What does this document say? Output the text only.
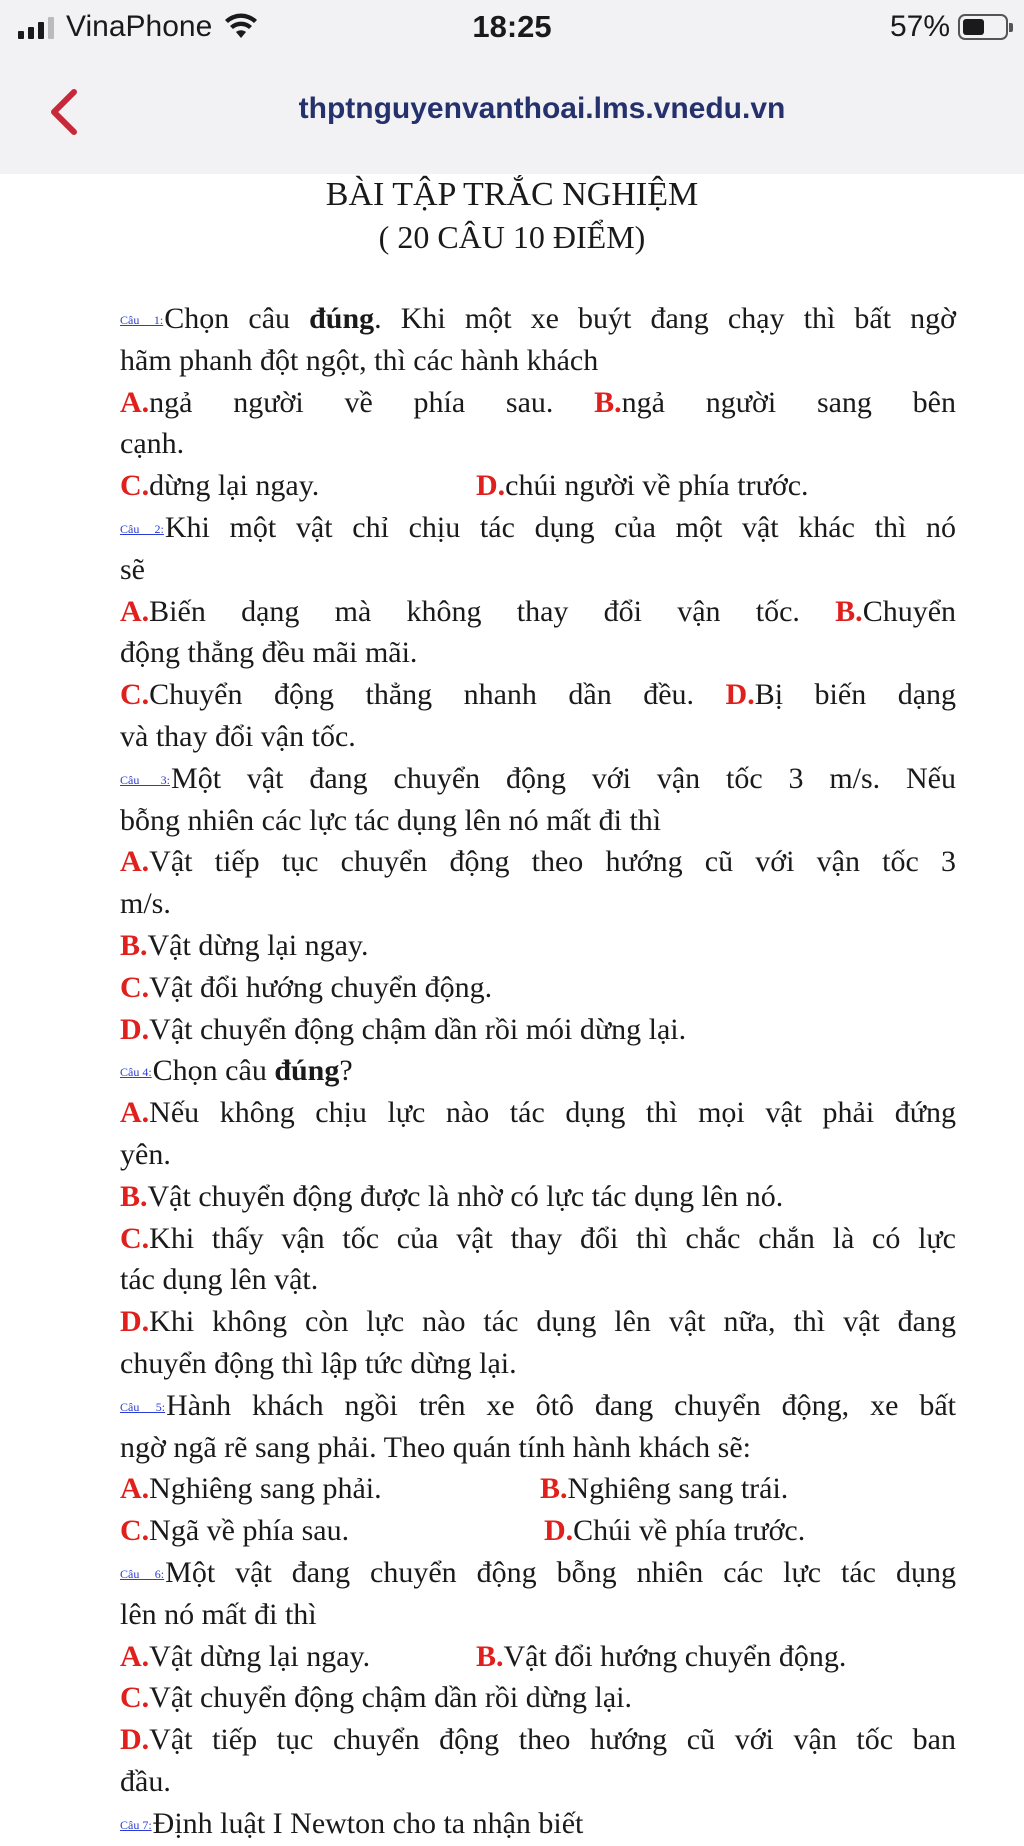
VinaPhone	18:25	57%
thptnguyenvanthoai.lms.vnedu.vn
BÀI TẬP TRẮC NGHIỆM
( 20 CÂU 10 ĐIỂM)
Câu 1:Chọn câu đúng. Khi một xe buýt đang chạy thì bất ngờ
hãm phanh đột ngột, thì các hành khách
A.ngả người về phía sau. B.ngả người sang bên
cạnh.
C.dừng lại ngay.	D.chúi người về phía trước.
Câu 2:Khi một vật chỉ chịu tác dụng của một vật khác thì nó
sẽ
A.Biến dạng mà không thay đổi vận tốc. B.Chuyển
động thẳng đều mãi mãi.
C.Chuyển động thẳng nhanh dần đều. D.Bị biến dạng
và thay đổi vận tốc.
Câu 3:Một vật đang chuyển động với vận tốc 3 m/s. Nếu
bỗng nhiên các lực tác dụng lên nó mất đi thì
A.Vật tiếp tục chuyển động theo hướng cũ với vận tốc 3
m/s.
B.Vật dừng lại ngay.
C.Vật đổi hướng chuyển động.
D.Vật chuyển động chậm dần rồi mói dừng lại.
Câu 4:Chọn câu đúng?
A.Nếu không chịu lực nào tác dụng thì mọi vật phải đứng
yên.
B.Vật chuyển động được là nhờ có lực tác dụng lên nó.
C.Khi thấy vận tốc của vật thay đổi thì chắc chắn là có lực
tác dụng lên vật.
D.Khi không còn lực nào tác dụng lên vật nữa, thì vật đang
chuyển động thì lập tức dừng lại.
Câu 5:Hành khách ngồi trên xe ôtô đang chuyển động, xe bất
ngờ ngã rẽ sang phải. Theo quán tính hành khách sẽ:
A.Nghiêng sang phải.	B.Nghiêng sang trái.
C.Ngã về phía sau.	D.Chúi về phía trước.
Câu 6:Một vật đang chuyển động bỗng nhiên các lực tác dụng
lên nó mất đi thì
A.Vật dừng lại ngay.	B.Vật đổi hướng chuyển động.
C.Vật chuyển động chậm dần rồi dừng lại.
D.Vật tiếp tục chuyển động theo hướng cũ với vận tốc ban
đầu.
Câu 7:Định luật I Newton cho ta nhận biết
